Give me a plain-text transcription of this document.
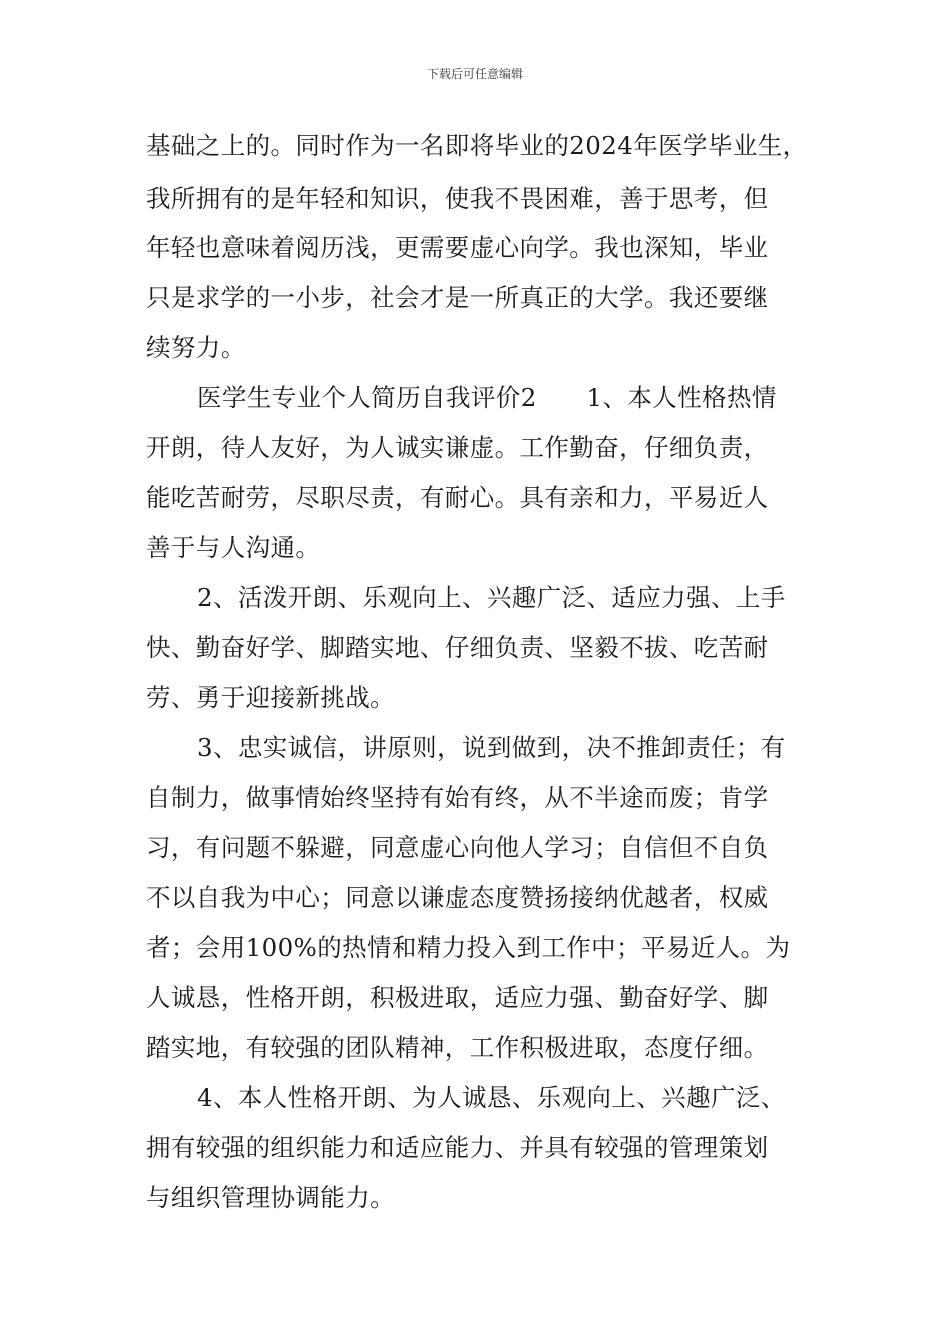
下载后可任意编辑
基础之上的。同时作为一名即将毕业的2024年医学毕业生，
我所拥有的是年轻和知识，使我不畏困难，善于思考，但
年轻也意味着阅历浅，更需要虚心向学。我也深知，毕业
只是求学的一小步，社会才是一所真正的大学。我还要继
续努力。
医学生专业个人简历自我评价2　　1、本人性格热情
开朗，待人友好，为人诚实谦虚。工作勤奋，仔细负责，
能吃苦耐劳，尽职尽责，有耐心。具有亲和力，平易近人
善于与人沟通。
2、活泼开朗、乐观向上、兴趣广泛、适应力强、上手
快、勤奋好学、脚踏实地、仔细负责、坚毅不拔、吃苦耐
劳、勇于迎接新挑战。
3、忠实诚信，讲原则，说到做到，决不推卸责任；有
自制力，做事情始终坚持有始有终，从不半途而废；肯学
习，有问题不躲避，同意虚心向他人学习；自信但不自负
不以自我为中心；同意以谦虚态度赞扬接纳优越者，权威
者；会用100%的热情和精力投入到工作中；平易近人。为
人诚恳，性格开朗，积极进取，适应力强、勤奋好学、脚
踏实地，有较强的团队精神，工作积极进取，态度仔细。
4、本人性格开朗、为人诚恳、乐观向上、兴趣广泛、
拥有较强的组织能力和适应能力、并具有较强的管理策划
与组织管理协调能力。
